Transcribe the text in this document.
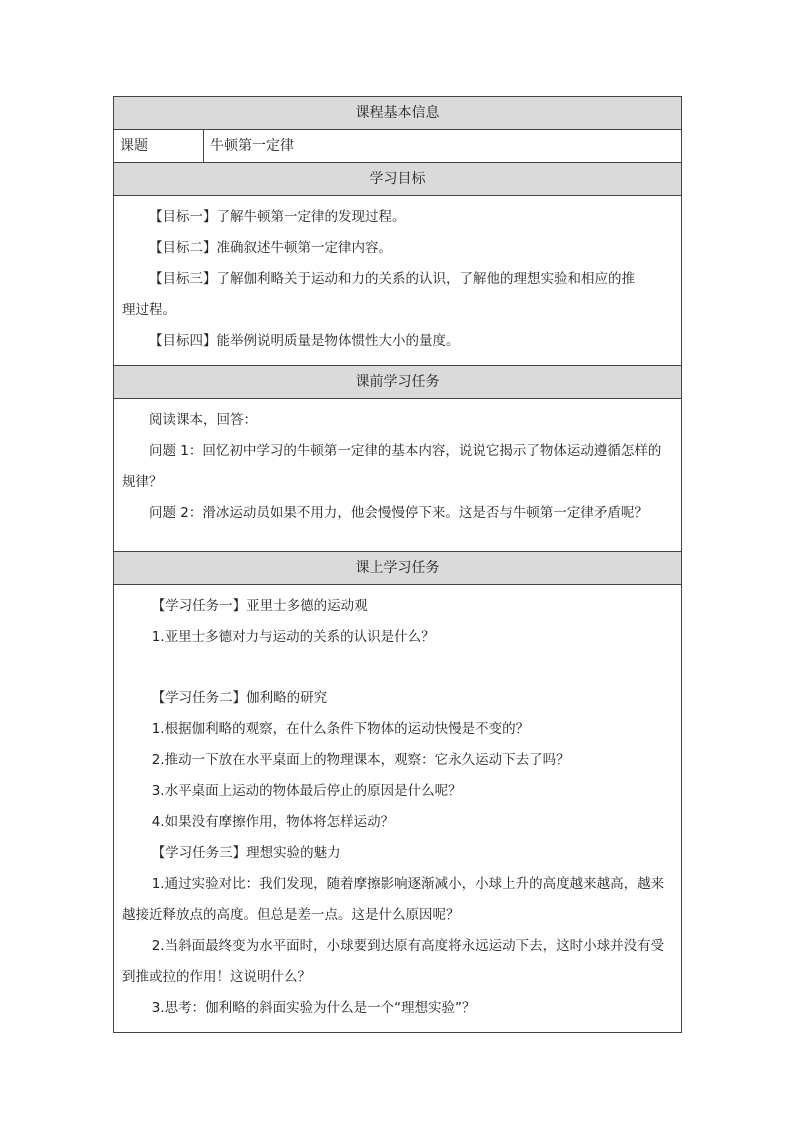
课程基本信息
课题	牛顿第一定律
学习目标

【目标一】了解牛顿第一定律的发现过程。

【目标二】准确叙述牛顿第一定律内容。

【目标三】了解伽利略关于运动和力的关系的认识，了解他的理想实验和相应的推

理过程。

【目标四】能举例说明质量是物体惯性大小的量度。

课前学习任务

阅读课本，回答：

问题 1：回忆初中学习的牛顿第一定律的基本内容，说说它揭示了物体运动遵循怎样的

规律？

问题 2：滑冰运动员如果不用力，他会慢慢停下来。这是否与牛顿第一定律矛盾呢？

课上学习任务

【学习任务一】亚里士多德的运动观

1.亚里士多德对力与运动的关系的认识是什么？

【学习任务二】伽利略的研究

1.根据伽利略的观察，在什么条件下物体的运动快慢是不变的？

2.推动一下放在水平桌面上的物理课本，观察：它永久运动下去了吗？

3.水平桌面上运动的物体最后停止的原因是什么呢？

4.如果没有摩擦作用，物体将怎样运动？

【学习任务三】理想实验的魅力

1.通过实验对比：我们发现，随着摩擦影响逐渐减小，小球上升的高度越来越高，越来

越接近释放点的高度。但总是差一点。这是什么原因呢？

2.当斜面最终变为水平面时，小球要到达原有高度将永远运动下去，这时小球并没有受

到推或拉的作用！这说明什么？

3.思考：伽利略的斜面实验为什么是一个“理想实验”？
